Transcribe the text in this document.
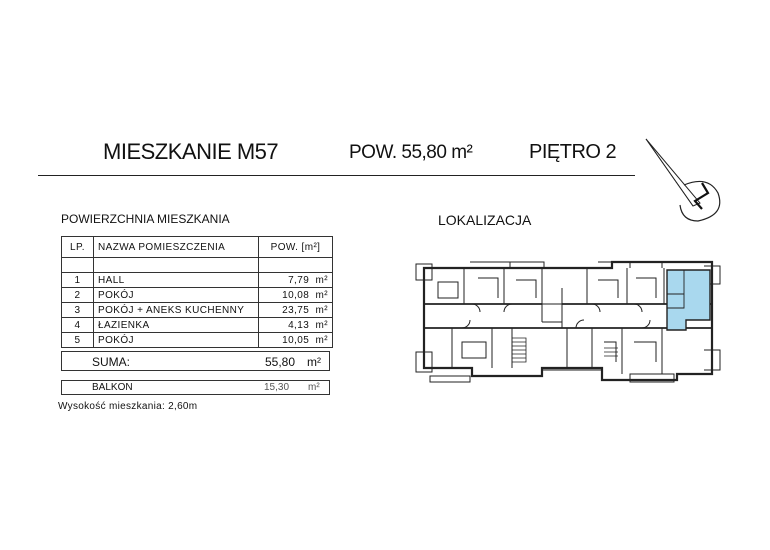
MIESZKANIE M57	POW. 55,80 m²	PIĘTRO 2
POWIERZCHNIA MIESZKANIA	LOKALIZACJA
LP.	NAZWA POMIESZCZENIA	POW. [m²]

1	HALL	7,79 m²
2	POKÓJ	10,08 m²
3	POKÓJ + ANEKS KUCHENNY	23,75 m²
4	ŁAZIENKA	4,13 m²
5	POKÓJ	10,05 m²
SUMA:	55,80 m²
BALKON	15,30 m²
Wysokość mieszkania: 2,60m
